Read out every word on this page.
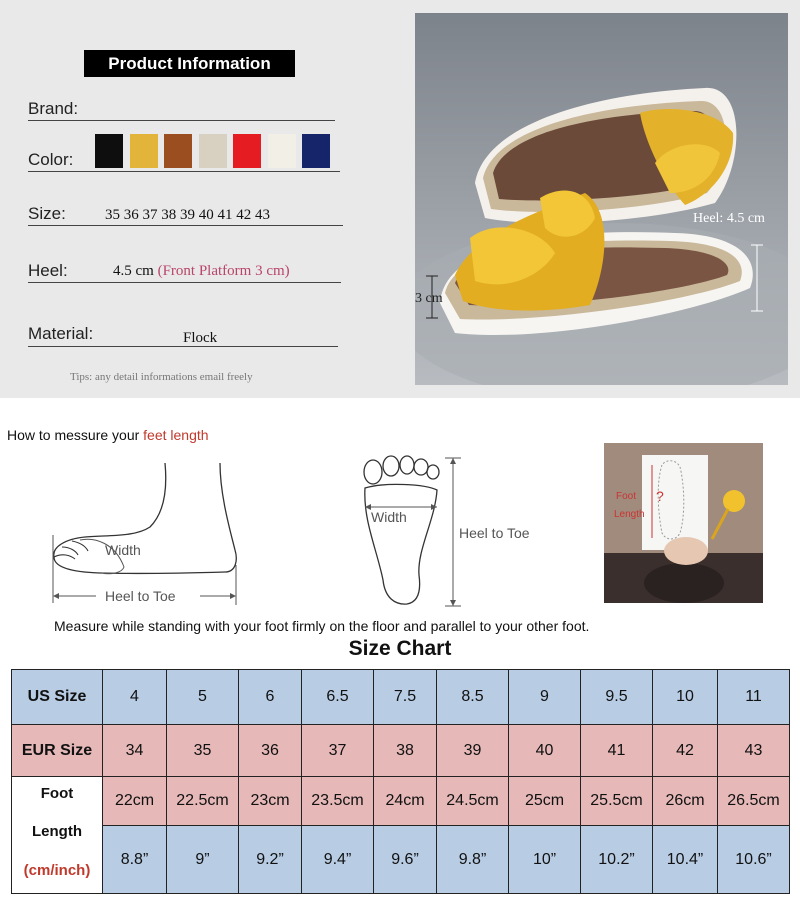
Product Information
Brand:
Color:
Size:	35 36 37 38 39 40 41 42 43
Heel:	4.5 cm (Front Platform 3 cm)
Material:	Flock
Tips: any detail informations email freely
Heel: 4.5 cm
3 cm
How to messure your feet length
Width
Heel to Toe
Width
Heel to Toe
?
Foot
Length
Measure while standing with your foot firmly on the floor and parallel to your other foot.
Size Chart
US Size	4	5	6	6.5	7.5	8.5	9	9.5	10	11
EUR Size	34	35	36	37	38	39	40	41	42	43

Foot
Length
(cm/inch)	22cm	22.5cm	23cm	23.5cm	24cm	24.5cm	25cm	25.5cm	26cm	26.5cm
	8.8”	9”	9.2”	9.4”	9.6”	9.8”	10”	10.2”	10.4”	10.6”
